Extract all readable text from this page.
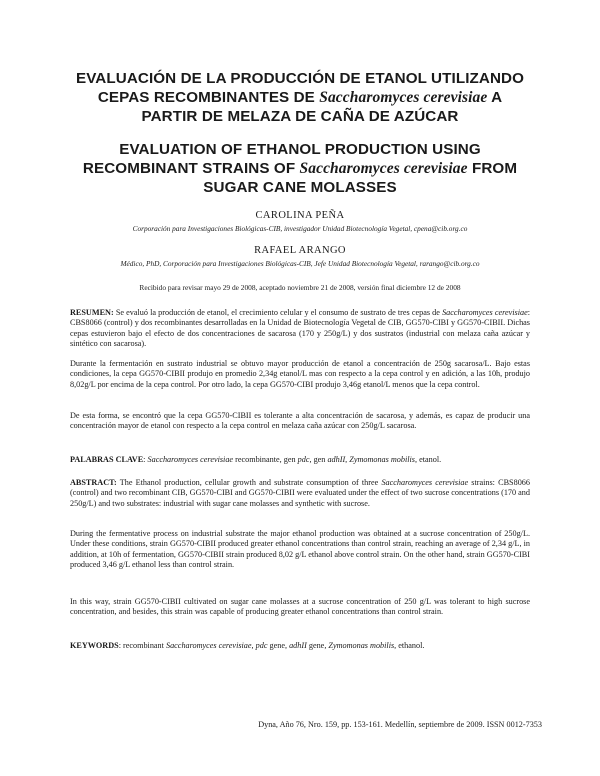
EVALUACIÓN DE LA PRODUCCIÓN DE ETANOL UTILIZANDO CEPAS RECOMBINANTES DE Saccharomyces cerevisiae A PARTIR DE MELAZA DE CAÑA DE AZÚCAR
EVALUATION OF ETHANOL PRODUCTION USING RECOMBINANT STRAINS OF Saccharomyces cerevisiae FROM SUGAR CANE MOLASSES
CAROLINA PEÑA
Corporación para Investigaciones Biológicas-CIB, investigador Unidad Biotecnología Vegetal, cpena@cib.org.co
RAFAEL ARANGO
Médico, PhD, Corporación para Investigaciones Biológicas-CIB, Jefe Unidad Biotecnología Vegetal, rarango@cib.org.co
Recibido para revisar mayo 29 de 2008, aceptado noviembre 21 de 2008, versión final diciembre 12 de 2008
RESUMEN: Se evaluó la producción de etanol, el crecimiento celular y el consumo de sustrato de tres cepas de Saccharomyces cerevisiae: CBS8066 (control) y dos recombinantes desarrolladas en la Unidad de Biotecnología Vegetal de CIB, GG570-CIBI y GG570-CIBII. Dichas cepas estuvieron bajo el efecto de dos concentraciones de sacarosa (170 y 250g/L) y dos sustratos (industrial con melaza caña azúcar y sintético con sacarosa).
Durante la fermentación en sustrato industrial se obtuvo mayor producción de etanol a concentración de 250g sacarosa/L. Bajo estas condiciones, la cepa GG570-CIBII produjo en promedio 2,34g etanol/L mas con respecto a la cepa control y en adición, a las 10h, produjo 8,02g/L por encima de la cepa control. Por otro lado, la cepa GG570-CIBI produjo 3,46g etanol/L menos que la cepa control.
De esta forma, se encontró que la cepa GG570-CIBII es tolerante a alta concentración de sacarosa, y además, es capaz de producir una concentración mayor de etanol con respecto a la cepa control en melaza caña azúcar con 250g/L sacarosa.
PALABRAS CLAVE: Saccharomyces cerevisiae recombinante, gen pdc, gen adhII, Zymomonas mobilis, etanol.
ABSTRACT: The Ethanol production, cellular growth and substrate consumption of three Saccharomyces cerevisiae strains: CBS8066 (control) and two recombinant CIB, GG570-CIBI and GG570-CIBII were evaluated under the effect of two sucrose concentrations (170 and 250g/L) and two substrates: industrial with sugar cane molasses and synthetic with sucrose.
During the fermentative process on industrial substrate the major ethanol production was obtained at a sucrose concentration of 250g/L. Under these conditions, strain GG570-CIBII produced greater ethanol concentrations than control strain, reaching an average of 2,34 g/L, in addition, at 10h of fermentation, GG570-CIBII strain produced 8,02 g/L ethanol above control strain. On the other hand, strain GG570-CIBI produced 3,46 g/L ethanol less than control strain.
In this way, strain GG570-CIBII cultivated on sugar cane molasses at a sucrose concentration of 250 g/L was tolerant to high sucrose concentration, and besides, this strain was capable of producing greater ethanol concentrations than control strain.
KEYWORDS: recombinant Saccharomyces cerevisiae, pdc gene, adhII gene, Zymomonas mobilis, ethanol.
Dyna, Año 76, Nro. 159, pp. 153-161. Medellín, septiembre de 2009. ISSN 0012-7353
